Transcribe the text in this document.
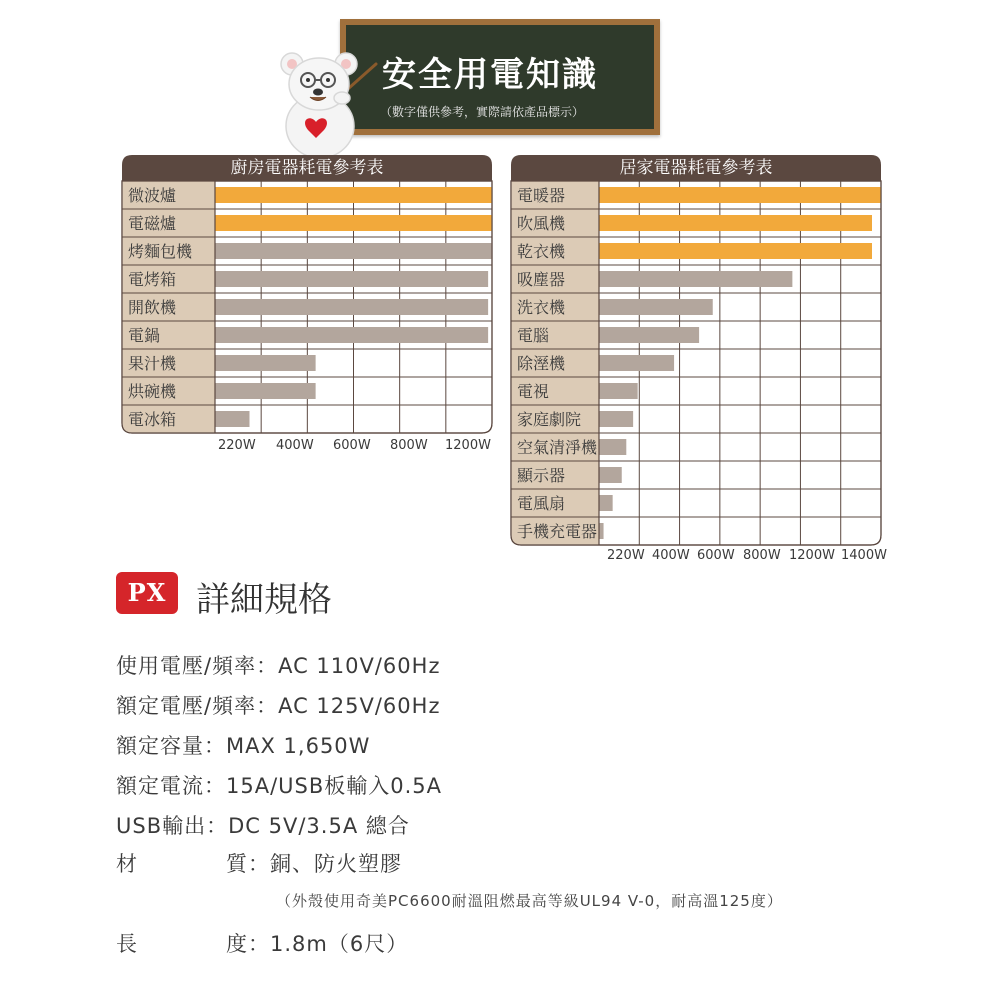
安全用電知識
（數字僅供參考，實際請依產品標示）
微波爐
電磁爐
烤麵包機
電烤箱
開飲機
電鍋
果汁機
烘碗機
電冰箱
220W 400W 600W 800W 1200W
廚房電器耗電參考表
電暖器
吹風機
乾衣機
吸塵器
洗衣機
電腦
除溼機
電視
家庭劇院
空氣清淨機
顯示器
電風扇
手機充電器
220W 400W 600W 800W 1200W 1400W
居家電器耗電參考表
PX 詳細規格
使用電壓/頻率：AC 110V/60Hz
額定電壓/頻率：AC 125V/60Hz
額定容量：MAX 1,650W
額定電流：15A/USB板輸入0.5A
USB輸出：DC 5V/3.5A 總合
材	質：銅、防火塑膠
（外殼使用奇美PC6600耐溫阻燃最高等級UL94 V-0，耐高溫125度）
長	度：1.8m（6尺）
